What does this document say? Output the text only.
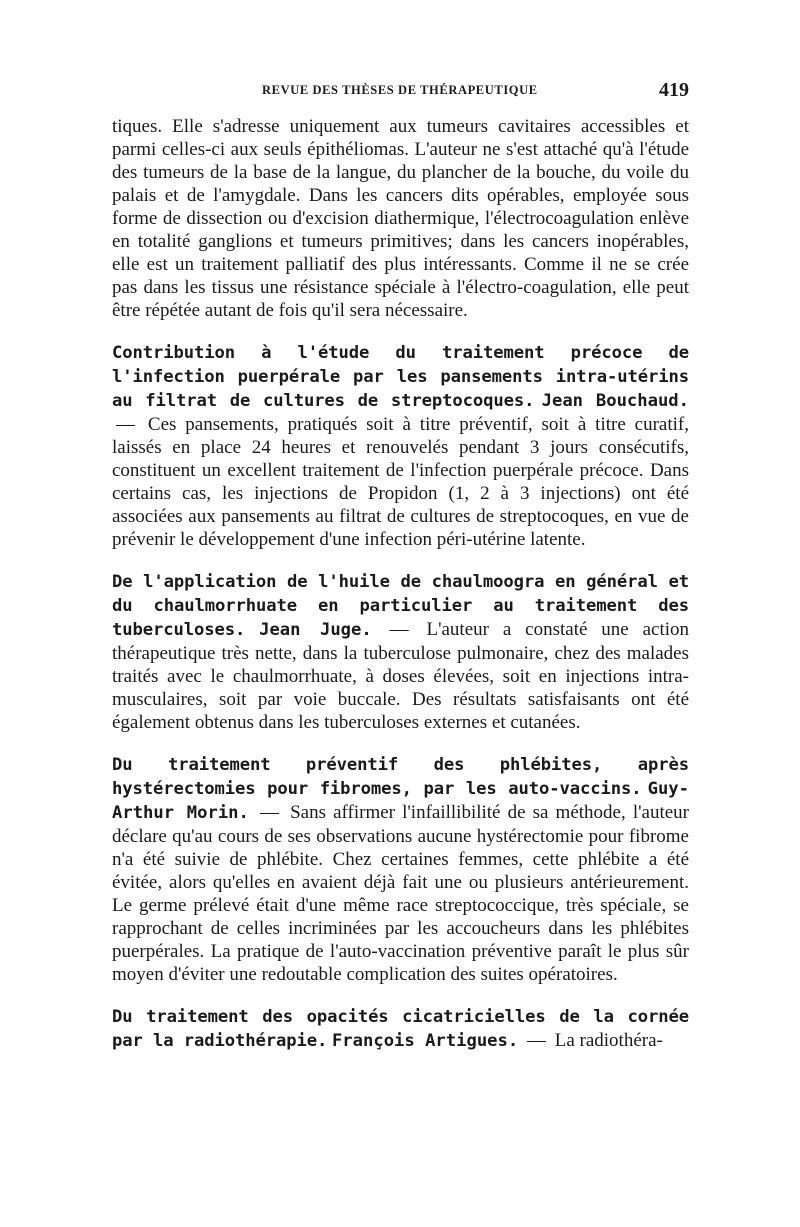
REVUE DES THÈSES DE THÉRAPEUTIQUE	419

tiques. Elle s'adresse uniquement aux tumeurs cavitaires accessibles et parmi celles-ci aux seuls épithéliomas. L'auteur ne s'est attaché qu'à l'étude des tumeurs de la base de la langue, du plancher de la bouche, du voile du palais et de l'amygdale. Dans les cancers dits opérables, employée sous forme de dissection ou d'excision diathermique, l'électrocoagulation enlève en totalité ganglions et tumeurs primitives; dans les cancers inopérables, elle est un traitement palliatif des plus intéressants. Comme il ne se crée pas dans les tissus une résistance spéciale à l'électro-coagulation, elle peut être répétée autant de fois qu'il sera nécessaire.

Contribution à l'étude du traitement précoce de l'infection puerpérale par les pansements intra-utérins au filtrat de cultures de streptocoques. Jean Bouchaud. — Ces pansements, pratiqués soit à titre préventif, soit à titre curatif, laissés en place 24 heures et renouvelés pendant 3 jours consécutifs, constituent un excellent traitement de l'infection puerpérale précoce. Dans certains cas, les injections de Propidon (1, 2 à 3 injections) ont été associées aux pansements au filtrat de cultures de streptocoques, en vue de prévenir le développement d'une infection péri-utérine latente.

De l'application de l'huile de chaulmoogra en général et du chaulmorrhuate en particulier au traitement des tuberculoses. Jean Juge. — L'auteur a constaté une action thérapeutique très nette, dans la tuberculose pulmonaire, chez des malades traités avec le chaulmorrhuate, à doses élevées, soit en injections intra-musculaires, soit par voie buccale. Des résultats satisfaisants ont été également obtenus dans les tuberculoses externes et cutanées.

Du traitement préventif des phlébites, après hystérectomies pour fibromes, par les auto-vaccins. Guy-Arthur Morin. — Sans affirmer l'infaillibilité de sa méthode, l'auteur déclare qu'au cours de ses observations aucune hystérectomie pour fibrome n'a été suivie de phlébite. Chez certaines femmes, cette phlébite a été évitée, alors qu'elles en avaient déjà fait une ou plusieurs antérieurement. Le germe prélevé était d'une même race streptococcique, très spéciale, se rapprochant de celles incriminées par les accoucheurs dans les phlébites puerpérales. La pratique de l'auto-vaccination préventive paraît le plus sûr moyen d'éviter une redoutable complication des suites opératoires.

Du traitement des opacités cicatricielles de la cornée par la radiothérapie. François Artigues. — La radiothéra-
